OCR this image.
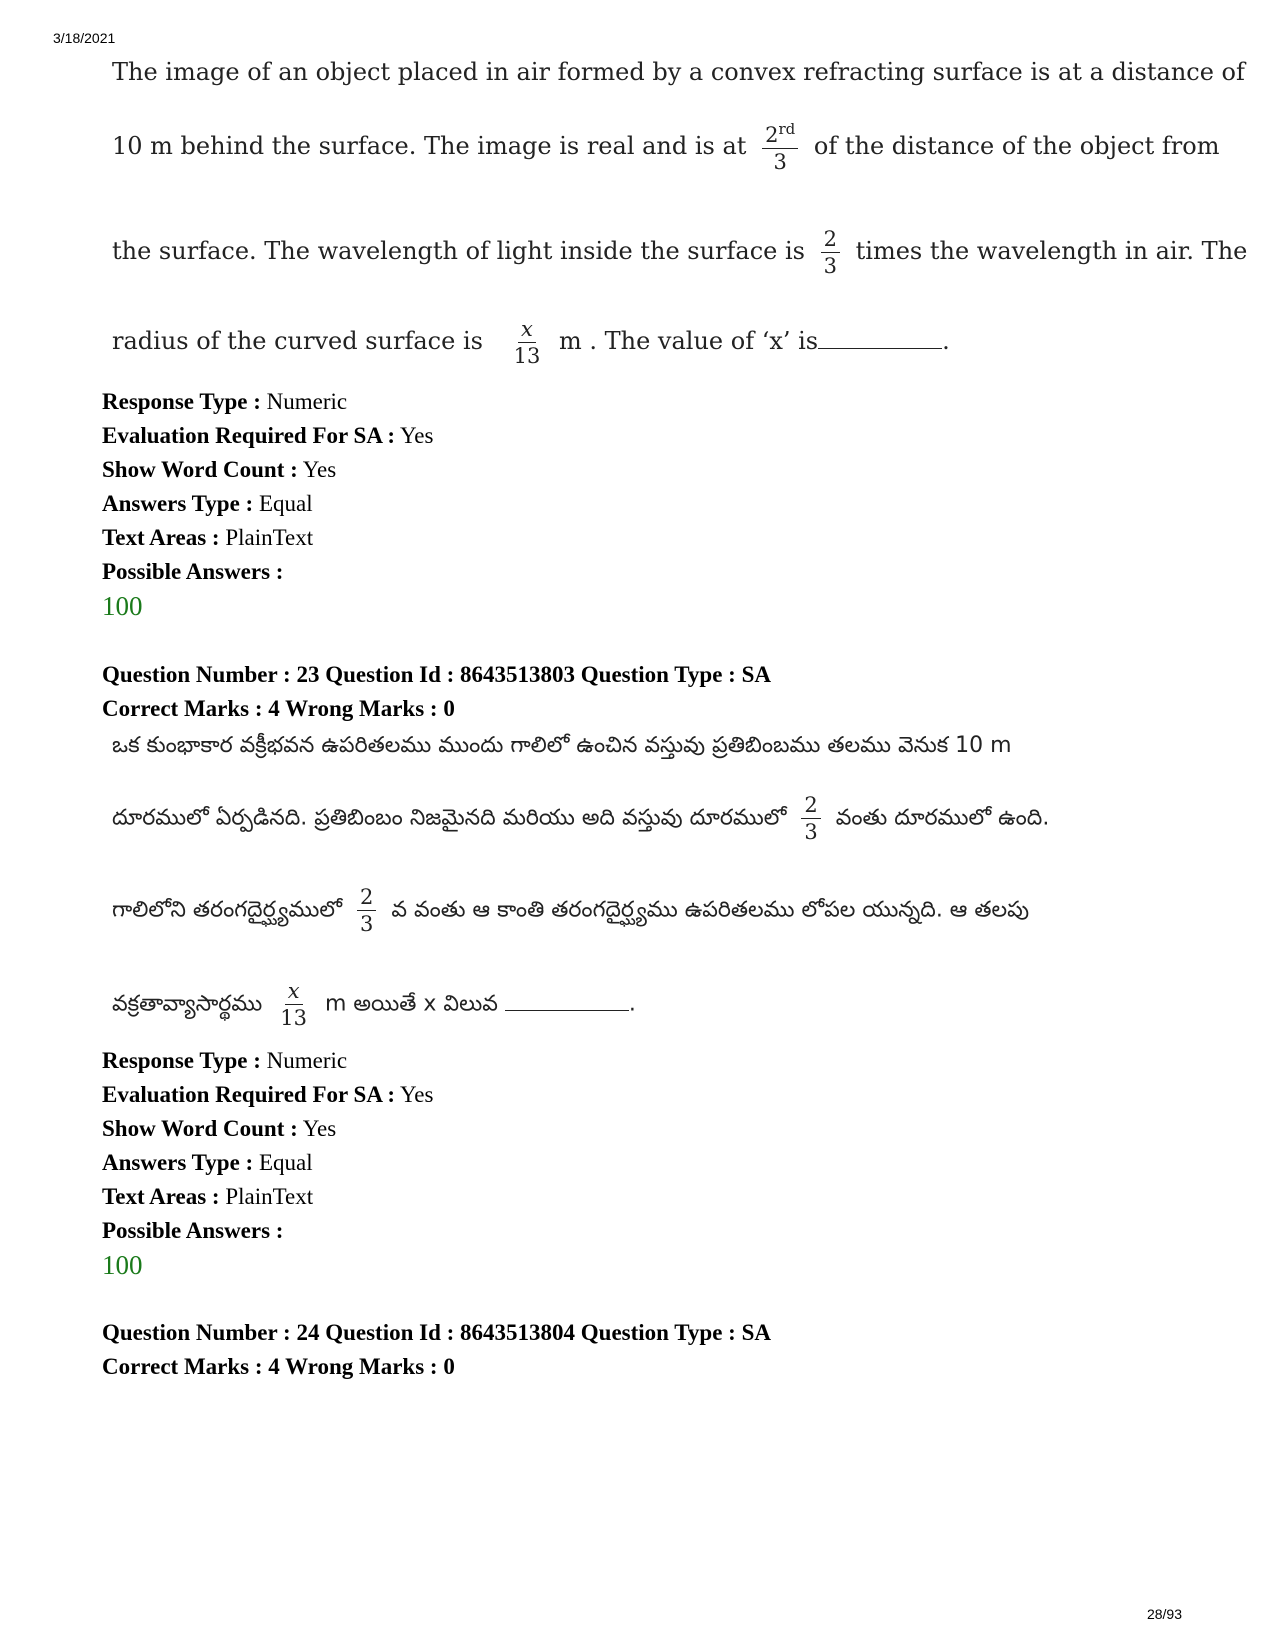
3/18/2021
The image of an object placed in air formed by a convex refracting surface is at a distance of
10 m behind the surface. The image is real and is at $\frac{2^{rd}}{3}$ of the distance of the object from
the surface. The wavelength of light inside the surface is $\frac{2}{3}$ times the wavelength in air. The
radius of the curved surface is $\frac{x}{13}$ m . The value of ‘x’ is	.
Response Type : Numeric
Evaluation Required For SA : Yes
Show Word Count : Yes
Answers Type : Equal
Text Areas : PlainText
Possible Answers :
100
Question Number : 23 Question Id : 8643513803 Question Type : SA
Correct Marks : 4 Wrong Marks : 0
ఒక కుంభాకార వక్రీభవన ఉపరితలము ముందు గాలిలో ఉంచిన వస్తువు ప్రతిబింబము తలము వెనుక 10 m
దూరములో ఏర్పడినది. ప్రతిబింబం నిజమైనది మరియు అది వస్తువు దూరములో $\frac{2}{3}$ వంతు దూరములో ఉంది.
గాలిలోని తరంగదైర్ఘ్యములో $\frac{2}{3}$ వ వంతు ఆ కాంతి తరంగదైర్ఘ్యము ఉపరితలము లోపల యున్నది. ఆ తలపు
వక్రతావ్యాసార్థము $\frac{x}{13}$ m అయితే x విలువ	.
Response Type : Numeric
Evaluation Required For SA : Yes
Show Word Count : Yes
Answers Type : Equal
Text Areas : PlainText
Possible Answers :
100
Question Number : 24 Question Id : 8643513804 Question Type : SA
Correct Marks : 4 Wrong Marks : 0
28/93
